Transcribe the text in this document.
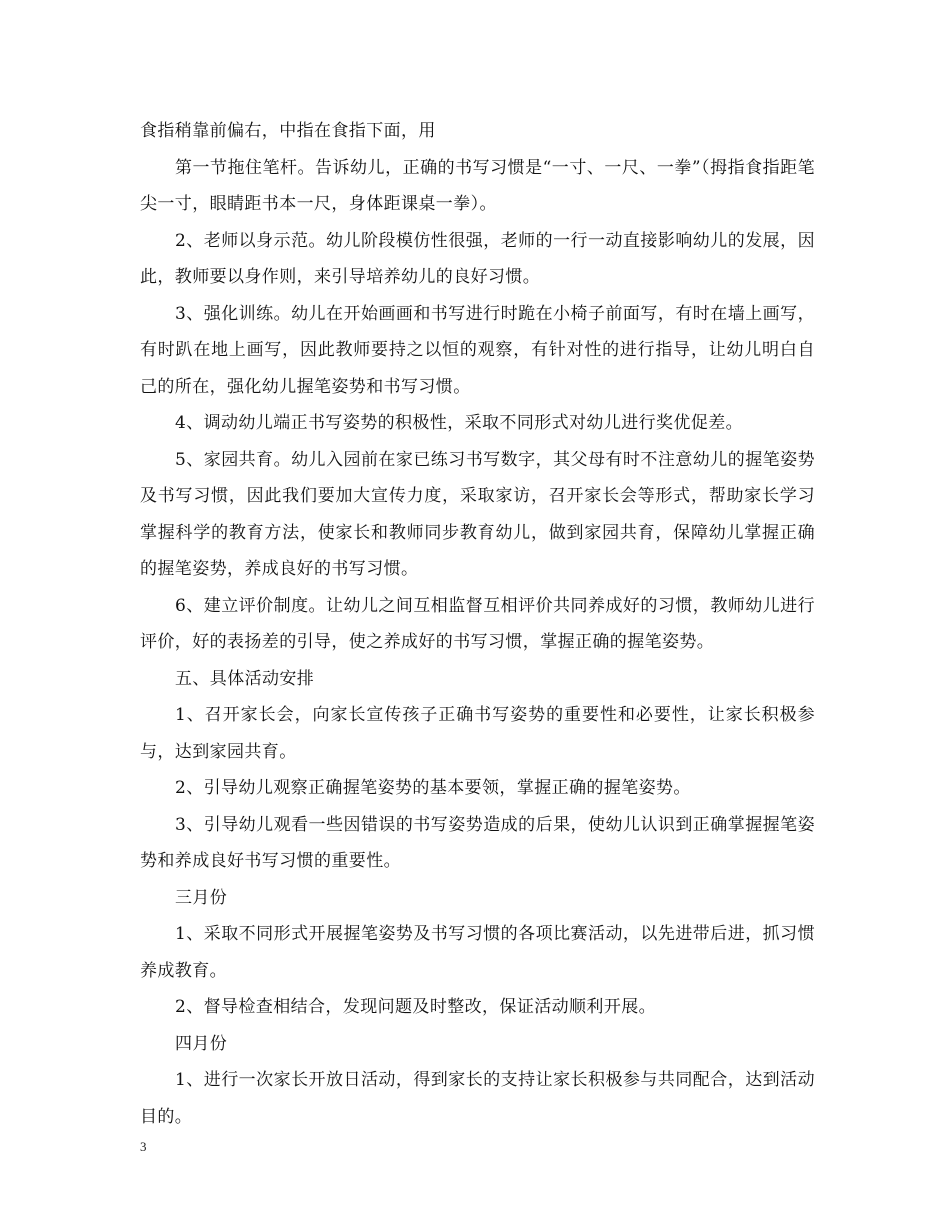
食指稍靠前偏右，中指在食指下面，用

第一节拖住笔杆。告诉幼儿，正确的书写习惯是“一寸、一尺、一拳”（拇指食指距笔尖一寸，眼睛距书本一尺，身体距课桌一拳）。

2、老师以身示范。幼儿阶段模仿性很强，老师的一行一动直接影响幼儿的发展，因此，教师要以身作则，来引导培养幼儿的良好习惯。

3、强化训练。幼儿在开始画画和书写进行时跪在小椅子前面写，有时在墙上画写，有时趴在地上画写，因此教师要持之以恒的观察，有针对性的进行指导，让幼儿明白自己的所在，强化幼儿握笔姿势和书写习惯。

4、调动幼儿端正书写姿势的积极性，采取不同形式对幼儿进行奖优促差。

5、家园共育。幼儿入园前在家已练习书写数字，其父母有时不注意幼儿的握笔姿势及书写习惯，因此我们要加大宣传力度，采取家访，召开家长会等形式，帮助家长学习掌握科学的教育方法，使家长和教师同步教育幼儿，做到家园共育，保障幼儿掌握正确的握笔姿势，养成良好的书写习惯。

6、建立评价制度。让幼儿之间互相监督互相评价共同养成好的习惯，教师幼儿进行评价，好的表扬差的引导，使之养成好的书写习惯，掌握正确的握笔姿势。

五、具体活动安排

1、召开家长会，向家长宣传孩子正确书写姿势的重要性和必要性，让家长积极参与，达到家园共育。

2、引导幼儿观察正确握笔姿势的基本要领，掌握正确的握笔姿势。

3、引导幼儿观看一些因错误的书写姿势造成的后果，使幼儿认识到正确掌握握笔姿势和养成良好书写习惯的重要性。

三月份

1、采取不同形式开展握笔姿势及书写习惯的各项比赛活动，以先进带后进，抓习惯养成教育。

2、督导检查相结合，发现问题及时整改，保证活动顺利开展。

四月份

1、进行一次家长开放日活动，得到家长的支持让家长积极参与共同配合，达到活动目的。

3
